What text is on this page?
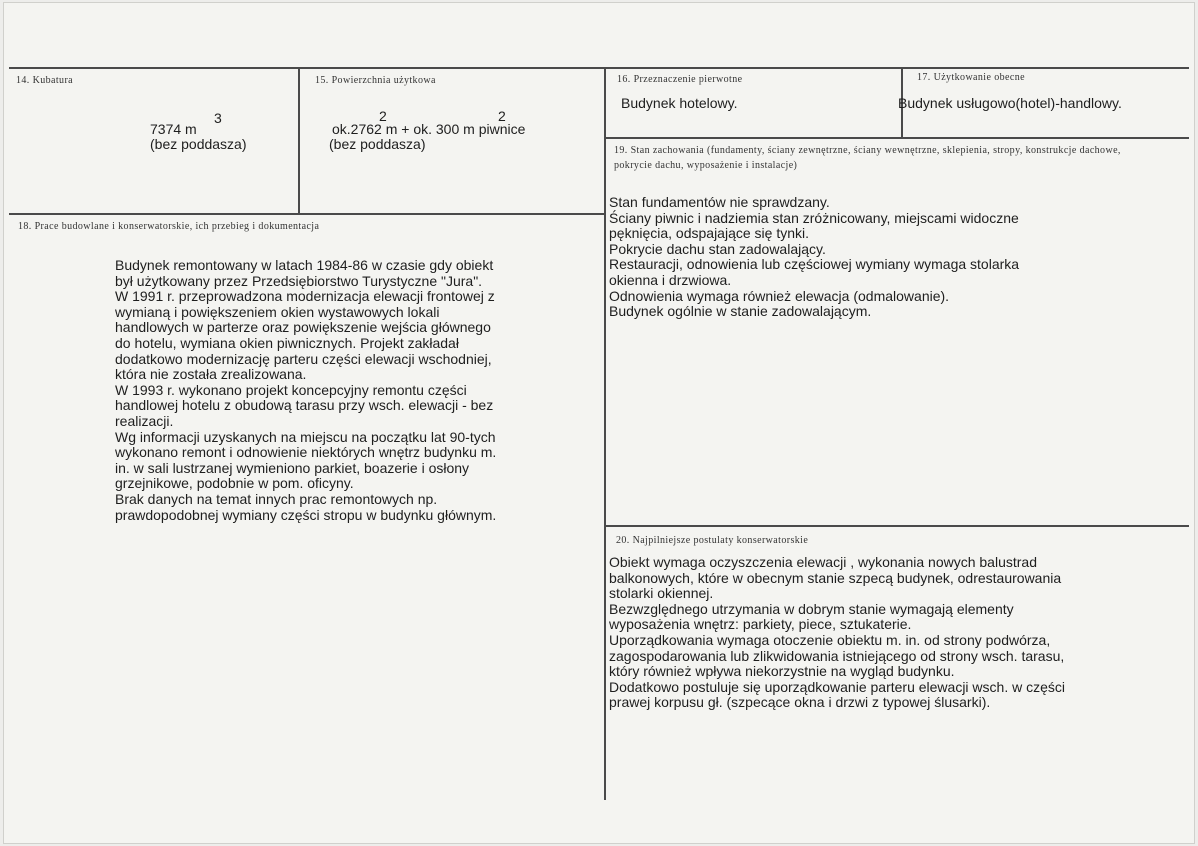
14. Kubatura
7374 m
3
(bez poddasza)
15. Powierzchnia użytkowa
ok.2762 m + ok. 300 m piwnice
2	2
(bez poddasza)
16. Przeznaczenie pierwotne
Budynek hotelowy.
17. Użytkowanie obecne
Budynek usługowo(hotel)-handlowy.
19. Stan zachowania (fundamenty, ściany zewnętrzne, ściany wewnętrzne, sklepienia, stropy, konstrukcje dachowe, pokrycie dachu, wyposażenie i instalacje)
Stan fundamentów nie sprawdzany.
Ściany piwnic i nadziemia stan zróżnicowany, miejscami widoczne
pęknięcia, odspajające się tynki.
Pokrycie dachu stan zadowalający.
Restauracji, odnowienia lub częściowej wymiany wymaga stolarka
okienna i drzwiowa.
Odnowienia wymaga również elewacja (odmalowanie).
Budynek ogólnie w stanie zadowalającym.
18. Prace budowlane i konserwatorskie, ich przebieg i dokumentacja
Budynek remontowany w latach 1984-86 w czasie gdy obiekt
był użytkowany przez Przedsiębiorstwo Turystyczne "Jura".
W 1991 r. przeprowadzona modernizacja elewacji frontowej z
wymianą i powiększeniem okien wystawowych lokali
handlowych w parterze oraz powiększenie wejścia głównego
do hotelu, wymiana okien piwnicznych. Projekt zakładał
dodatkowo modernizację parteru części elewacji wschodniej,
która nie została zrealizowana.
W 1993 r. wykonano projekt koncepcyjny remontu części
handlowej hotelu z obudową tarasu przy wsch. elewacji - bez
realizacji.
Wg informacji uzyskanych na miejscu na początku lat 90-tych
wykonano remont i odnowienie niektórych wnętrz budynku m.
in. w sali lustrzanej wymieniono parkiet, boazerie i osłony
grzejnikowe, podobnie w pom. oficyny.
Brak danych na temat innych prac remontowych np.
prawdopodobnej wymiany części stropu w budynku głównym.
20. Najpilniejsze postulaty konserwatorskie
Obiekt wymaga oczyszczenia elewacji , wykonania nowych balustrad
balkonowych, które w obecnym stanie szpecą budynek, odrestaurowania
stolarki okiennej.
Bezwzględnego utrzymania w dobrym stanie wymagają elementy
wyposażenia wnętrz: parkiety, piece, sztukaterie.
Uporządkowania wymaga otoczenie obiektu m. in. od strony podwórza,
zagospodarowania lub zlikwidowania istniejącego od strony wsch. tarasu,
który również wpływa niekorzystnie na wygląd budynku.
Dodatkowo postuluje się uporządkowanie parteru elewacji wsch. w części
prawej korpusu gł. (szpecące okna i drzwi z typowej ślusarki).
